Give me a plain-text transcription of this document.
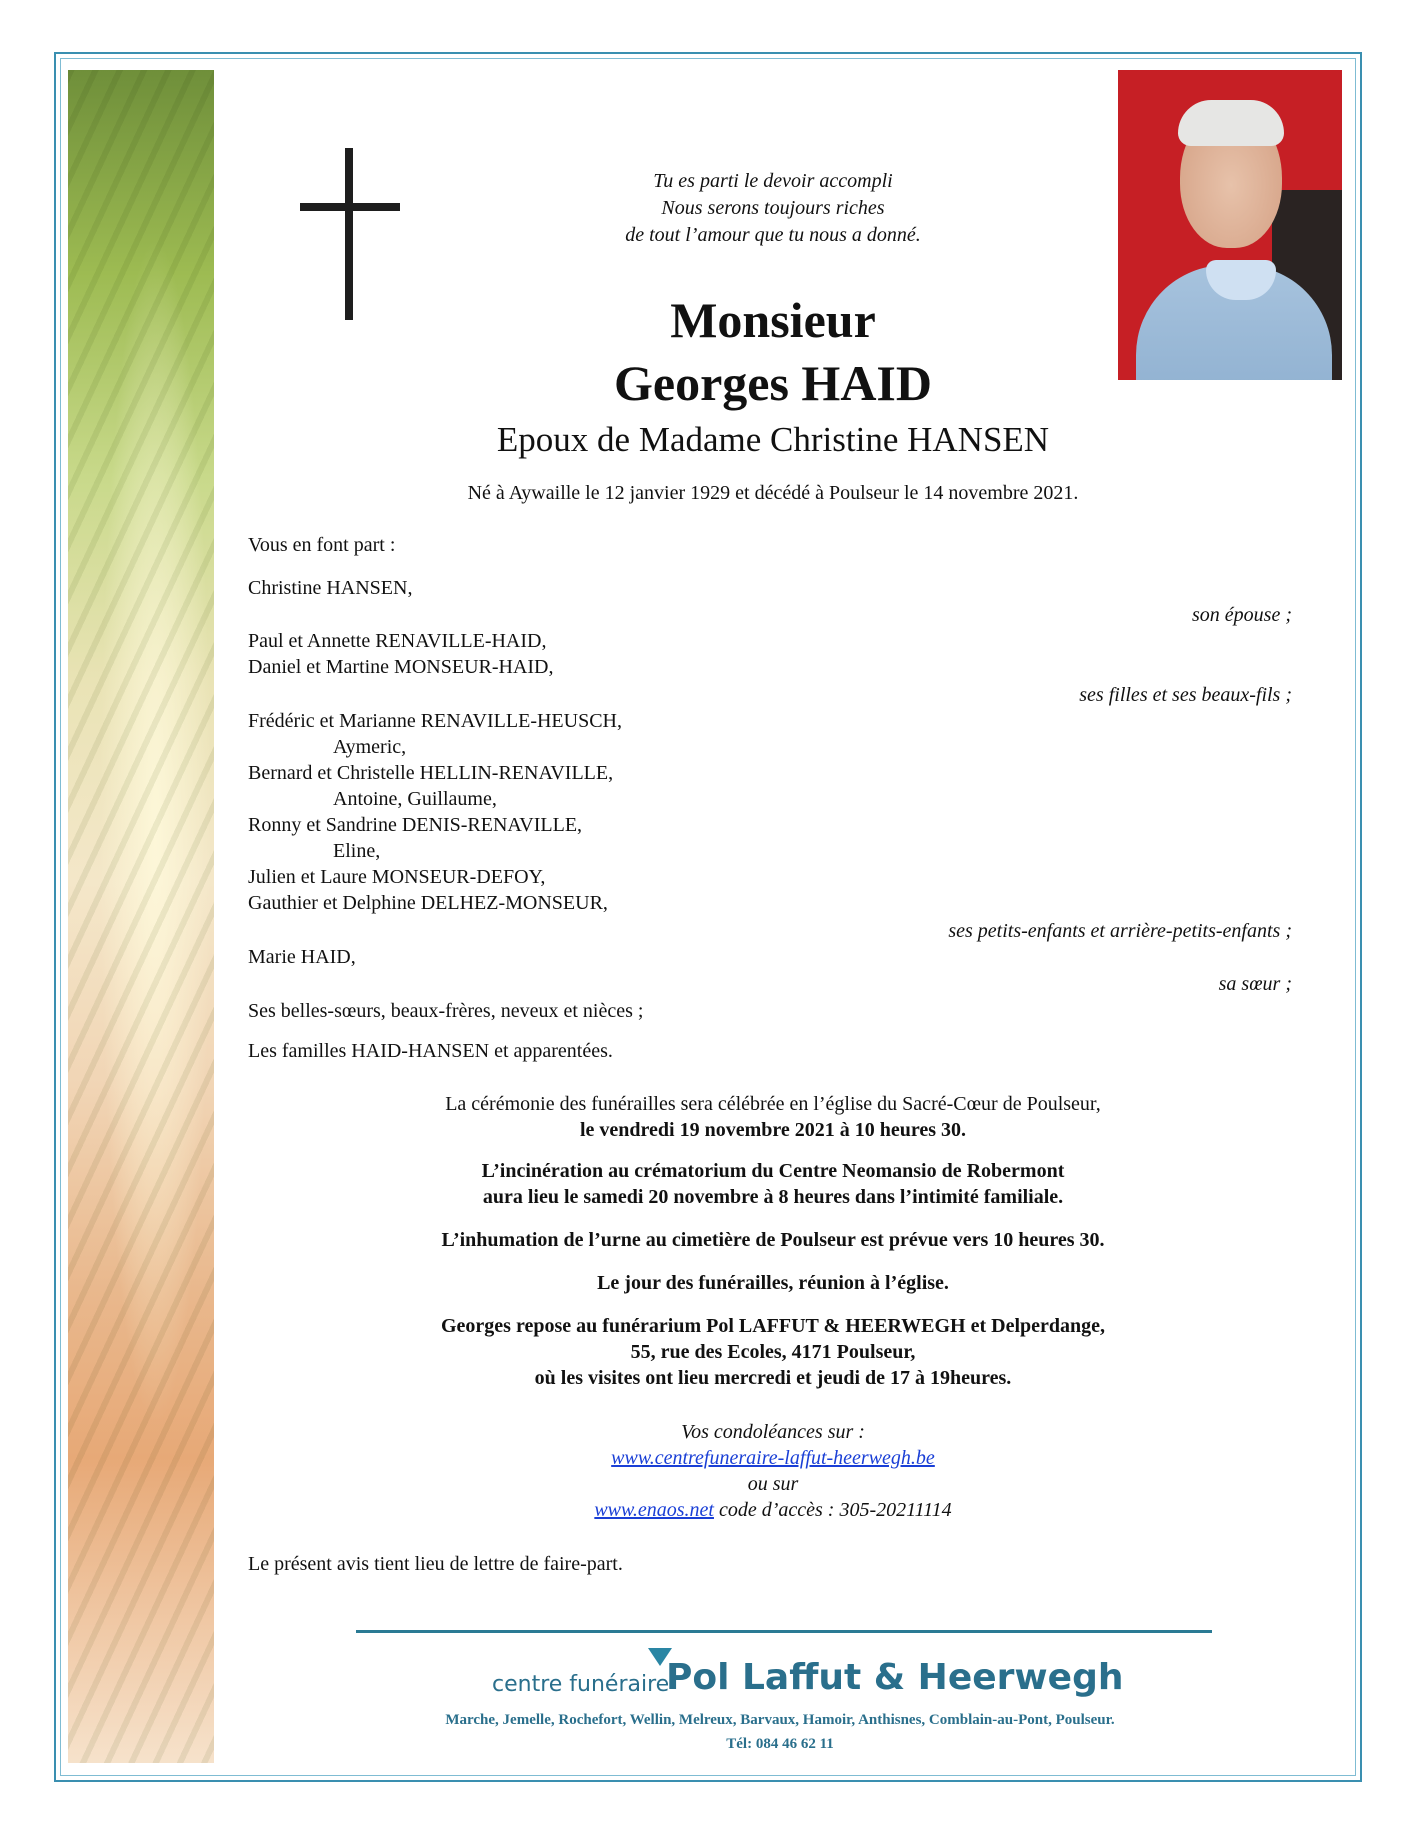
Tu es parti le devoir accompli
Nous serons toujours riches
de tout l’amour que tu nous a donné.
Monsieur
Georges HAID
Epoux de Madame Christine HANSEN
Né à Aywaille le 12 janvier 1929 et décédé à Poulseur le 14 novembre 2021.
Vous en font part :
Christine HANSEN,
son épouse ;
Paul et Annette RENAVILLE-HAID,
Daniel et Martine MONSEUR-HAID,
ses filles et ses beaux-fils ;
Frédéric et Marianne RENAVILLE-HEUSCH,
Aymeric,
Bernard et Christelle HELLIN-RENAVILLE,
Antoine, Guillaume,
Ronny et Sandrine DENIS-RENAVILLE,
Eline,
Julien et Laure MONSEUR-DEFOY,
Gauthier et Delphine DELHEZ-MONSEUR,
ses petits-enfants et arrière-petits-enfants ;
Marie HAID,
sa sœur ;
Ses belles-sœurs, beaux-frères, neveux et nièces ;
Les familles HAID-HANSEN et apparentées.
La cérémonie des funérailles sera célébrée en l’église du Sacré-Cœur de Poulseur,
le vendredi 19 novembre 2021 à 10 heures 30.
L’incinération au crématorium du Centre Neomansio de Robermont
aura lieu le samedi 20 novembre à 8 heures dans l’intimité familiale.
L’inhumation de l’urne au cimetière de Poulseur est prévue vers 10 heures 30.
Le jour des funérailles, réunion à l’église.
Georges repose au funérarium Pol LAFFUT & HEERWEGH et Delperdange,
55, rue des Ecoles, 4171 Poulseur,
où les visites ont lieu mercredi et jeudi de 17 à 19heures.
Vos condoléances sur :
www.centrefuneraire-laffut-heerwegh.be
ou sur
www.enaos.net code d’accès : 305-20211114
Le présent avis tient lieu de lettre de faire-part.
centre funéraire
Pol Laffut & Heerwegh
Marche, Jemelle, Rochefort, Wellin, Melreux, Barvaux, Hamoir, Anthisnes, Comblain-au-Pont, Poulseur.
Tél: 084 46 62 11
